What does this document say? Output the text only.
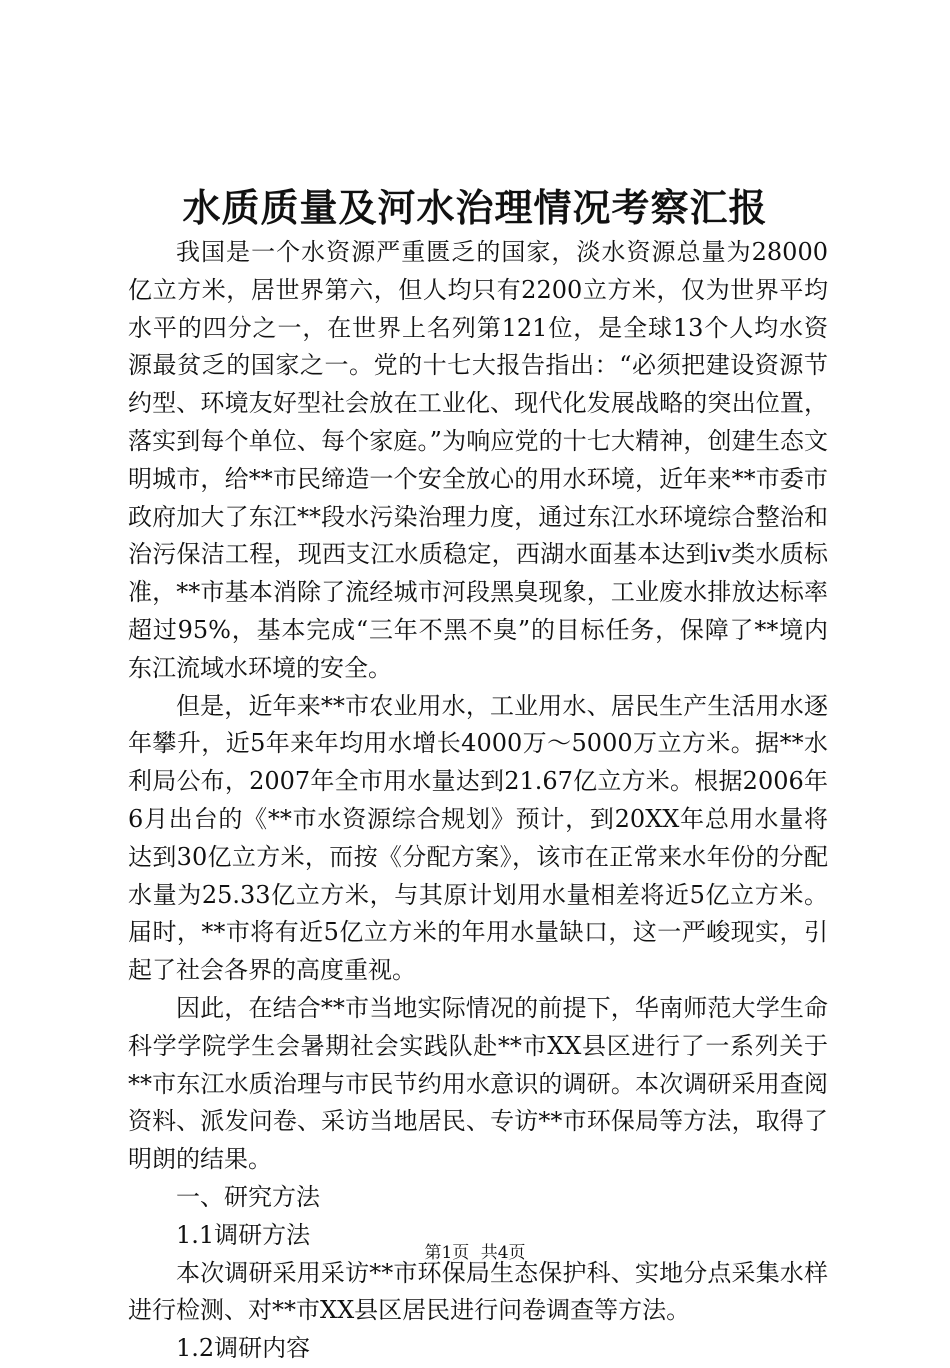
水质质量及河水治理情况考察汇报

我国是一个水资源严重匮乏的国家，淡水资源总量为28000亿立方米，居世界第六，但人均只有2200立方米，仅为世界平均水平的四分之一，在世界上名列第121位，是全球13个人均水资源最贫乏的国家之一。党的十七大报告指出：“必须把建设资源节约型、环境友好型社会放在工业化、现代化发展战略的突出位置，落实到每个单位、每个家庭。”为响应党的十七大精神，创建生态文明城市，给**市民缔造一个安全放心的用水环境，近年来**市委市政府加大了东江**段水污染治理力度，通过东江水环境综合整治和治污保洁工程，现西支江水质稳定，西湖水面基本达到iv类水质标准，**市基本消除了流经城市河段黑臭现象，工业废水排放达标率超过95%，基本完成“三年不黑不臭”的目标任务，保障了**境内东江流域水环境的安全。

但是，近年来**市农业用水，工业用水、居民生产生活用水逐年攀升，近5年来年均用水增长4000万～5000万立方米。据**水利局公布，2007年全市用水量达到21.67亿立方米。根据2006年6月出台的《**市水资源综合规划》预计，到20XX年总用水量将达到30亿立方米，而按《分配方案》，该市在正常来水年份的分配水量为25.33亿立方米，与其原计划用水量相差将近5亿立方米。届时，**市将有近5亿立方米的年用水量缺口，这一严峻现实，引起了社会各界的高度重视。

因此，在结合**市当地实际情况的前提下，华南师范大学生命科学学院学生会暑期社会实践队赴**市XX县区进行了一系列关于**市东江水质治理与市民节约用水意识的调研。本次调研采用查阅资料、派发问卷、采访当地居民、专访**市环保局等方法，取得了明朗的结果。

一、研究方法

1.1调研方法

本次调研采用采访**市环保局生态保护科、实地分点采集水样进行检测、对**市XX县区居民进行问卷调查等方法。

1.2调研内容

第1页 共4页
